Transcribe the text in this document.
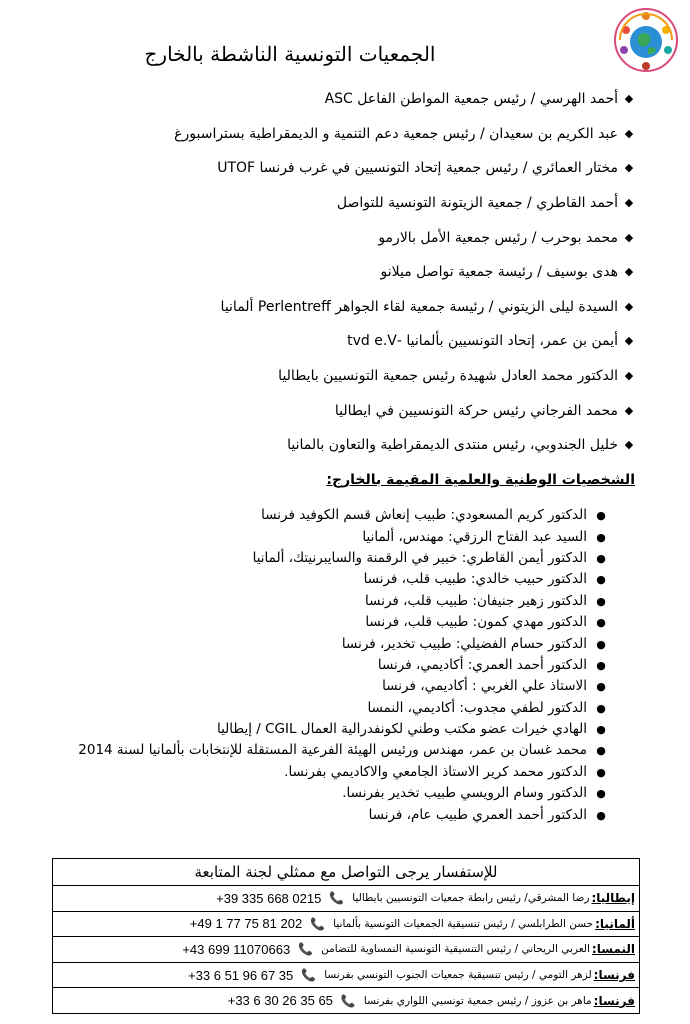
الجمعيات التونسية الناشطة بالخارج
◆
أحمد الهرسي / رئيس جمعية المواطن الفاعل ASC
◆
عبد الكريم بن سعيدان / رئيس جمعية دعم التنمية و الديمقراطية بستراسبورغ
◆
مختار العمائري / رئيس جمعية إتحاد التونسيين في غرب فرنسا UTOF
◆
أحمد القاطري / جمعية الزيتونة التونسية للتواصل
◆
محمد بوحرب / رئيس جمعية الأمل بالارمو
◆
هدى بوسيف / رئيسة جمعية تواصل ميلانو
◆
السيدة ليلى الزيتوني / رئيسة جمعية لقاء الجواهر Perlentreff ألمانيا
◆
أيمن بن عمر، إتحاد التونسيين بألمانيا -tvd e.V
◆
الدكتور محمد العادل شهيدة رئيس جمعية التونسيين بايطاليا
◆
محمد الفرجاني رئيس حركة التونسيين في ايطاليا
◆
خليل الجندوبي، رئيس منتدى الديمقراطية والتعاون بالمانيا
الشخصيات الوطنية والعلمية المقيمة بالخارج:
●
الدكتور كريم المسعودي: طبيب إنعاش قسم الكوفيد فرنسا
●
السيد عبد الفتاح الرزقي: مهندس، ألمانيا
●
الدكتور أيمن القاطري: خبير في الرقمنة والسايبرنيتك، ألمانيا
●
الدكتور حبيب خالدي: طبيب قلب، فرنسا
●
الدكتور زهير جنيفان: طبيب قلب، فرنسا
●
الدكتور مهدي كمون: طبيب قلب، فرنسا
●
الدكتور حسام الفضيلي: طبيب تخدير، فرنسا
●
الدكتور أحمد العمري: أكاديمي، فرنسا
●
الاستاذ علي الغربي : أكاديمي، فرنسا
●
الدكتور لطفي مجدوب: أكاديمي، النمسا
●
الهادي خيرات عضو مكتب وطني لكونفدرالية العمال CGIL / إيطاليا
●
محمد غسان بن عمر، مهندس ورئيس الهيئة الفرعية المستقلة للإنتخابات بألمانيا لسنة 2014
●
الدكتور محمد كرير الاستاذ الجامعي والاكاديمي بفرنسا.
●
الدكتور وسام الرويسي طبيب تخدير بفرنسا.
●
الدكتور أحمد العمري طبيب عام، فرنسا
للإستفسار يرجى التواصل مع ممثلي لجنة المتابعة
إيطاليا:
رضا المشرقي/ رئيس رابطة جمعيات التونسيين بايطاليا
📞
+39 335 668 0215
ألمانيا:
حسن الطرابلسي / رئيس تنسيقية الجمعيات التونسية بألمانيا
📞
+49 1 77 75 81 202
النمسا:
العربي الريحاني / رئيس التنسيقية التونسية النمساوية للتضامن
📞
+43 699 11070663
فرنسا:
لزهر التومي / رئيس تنسيقية جمعيات الجنوب التونسي بفرنسا
📞
+33 6 51 96 67 35
فرنسا:
ماهر بن عزوز / رئيس جمعية تونسيي اللواري بفرنسا
📞
+33 6 30 26 35 65
